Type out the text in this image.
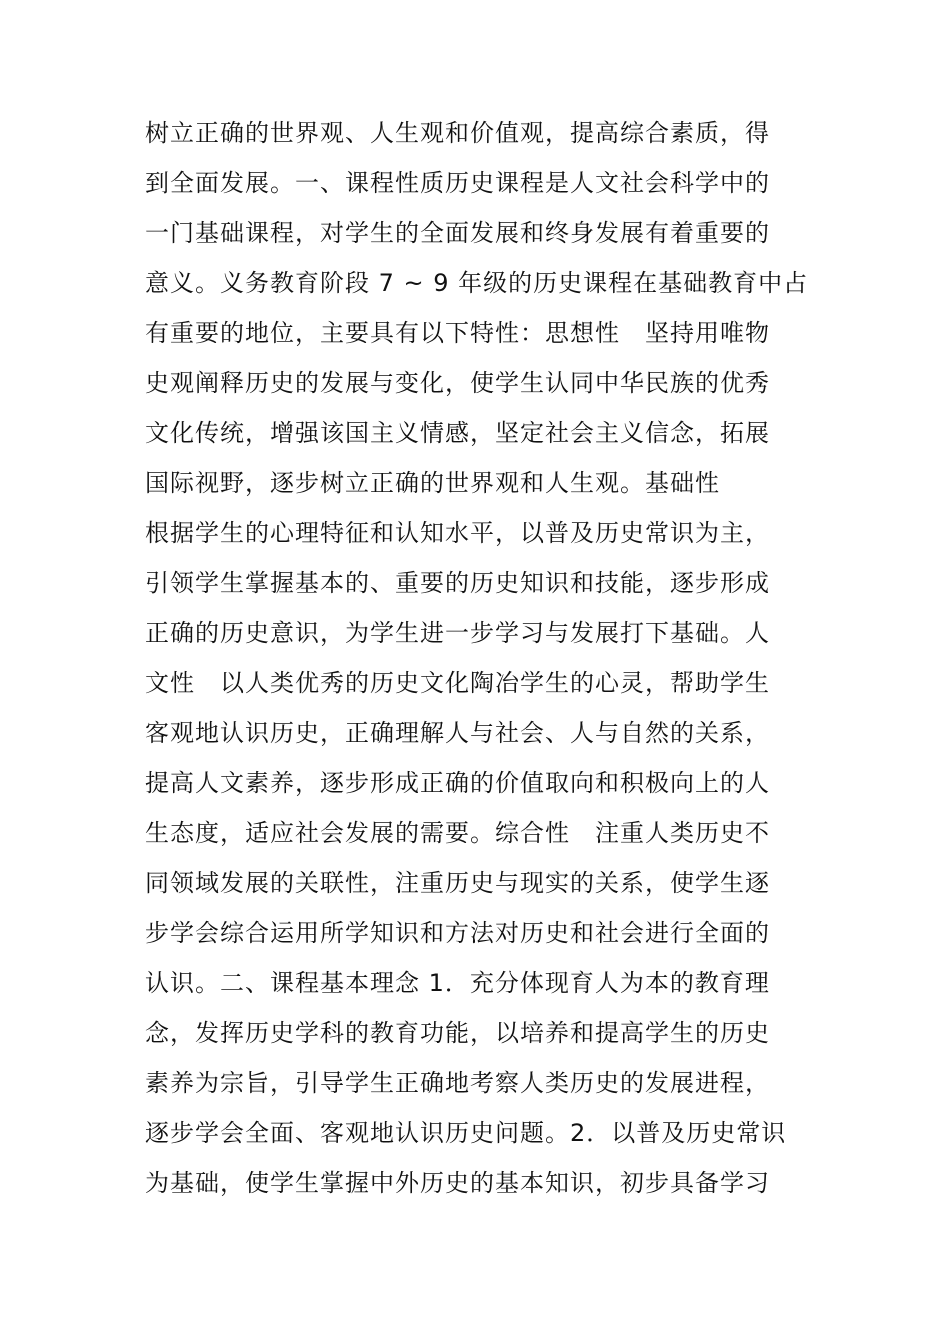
树立正确的世界观、人生观和价值观，提高综合素质，得
到全面发展。一、课程性质历史课程是人文社会科学中的
一门基础课程，对学生的全面发展和终身发展有着重要的
意义。义务教育阶段 7 ~ 9 年级的历史课程在基础教育中占
有重要的地位，主要具有以下特性：思想性　坚持用唯物
史观阐释历史的发展与变化，使学生认同中华民族的优秀
文化传统，增强该国主义情感，坚定社会主义信念，拓展
国际视野，逐步树立正确的世界观和人生观。基础性
根据学生的心理特征和认知水平，以普及历史常识为主，
引领学生掌握基本的、重要的历史知识和技能，逐步形成
正确的历史意识，为学生进一步学习与发展打下基础。人
文性　以人类优秀的历史文化陶冶学生的心灵，帮助学生
客观地认识历史，正确理解人与社会、人与自然的关系，
提高人文素养，逐步形成正确的价值取向和积极向上的人
生态度，适应社会发展的需要。综合性　注重人类历史不
同领域发展的关联性，注重历史与现实的关系，使学生逐
步学会综合运用所学知识和方法对历史和社会进行全面的
认识。二、课程基本理念 1．充分体现育人为本的教育理
念，发挥历史学科的教育功能，以培养和提高学生的历史
素养为宗旨，引导学生正确地考察人类历史的发展进程，
逐步学会全面、客观地认识历史问题。2．以普及历史常识
为基础，使学生掌握中外历史的基本知识，初步具备学习
